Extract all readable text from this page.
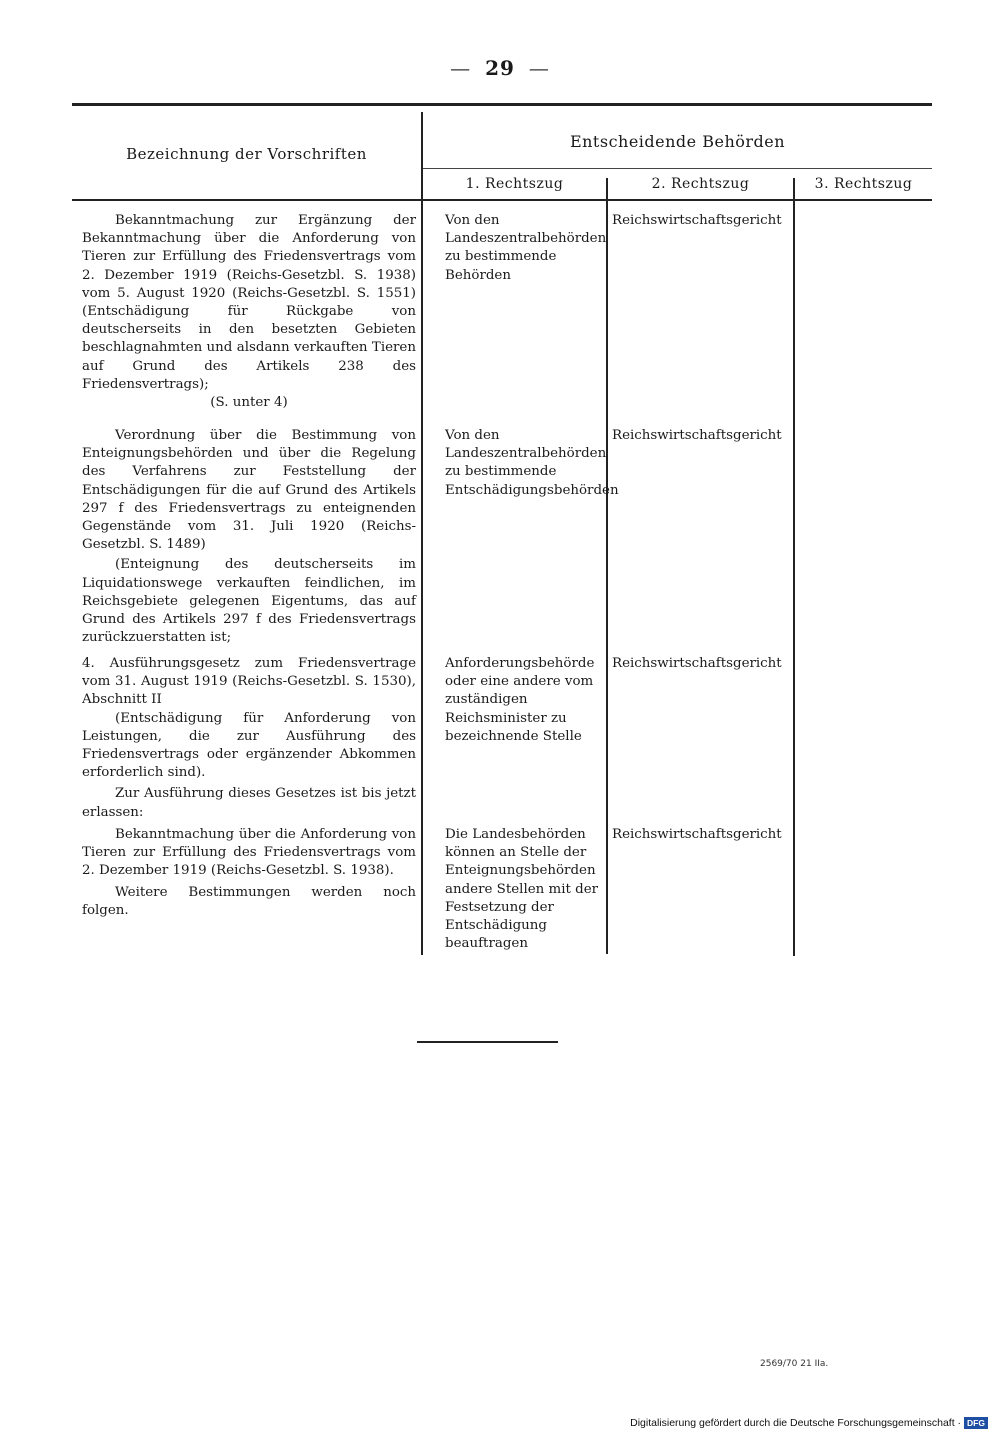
— 29 —
Bezeichnung der Vorschriften
Entscheidende Behörden
1. Rechtszug	2. Rechtszug	3. Rechtszug

Bekanntmachung zur Ergänzung der Bekanntmachung über die Anforderung von Tieren zur Erfüllung des Friedensvertrags vom 2. Dezember 1919 (Reichs-Gesetzbl. S. 1938) vom 5. August 1920 (Reichs-Gesetzbl. S. 1551) (Entschädigung für Rückgabe von deutscherseits in den besetzten Gebieten beschlagnahmten und alsdann verkauften Tieren auf Grund des Artikels 238 des Friedensvertrags);

(S. unter 4)

Von den Landeszentralbehörden zu bestimmende Behörden

Reichswirtschaftsgericht

Verordnung über die Bestimmung von Enteignungsbehörden und über die Regelung des Verfahrens zur Feststellung der Entschädigungen für die auf Grund des Artikels 297 f des Friedensvertrags zu enteignenden Gegenstände vom 31. Juli 1920 (Reichs-Gesetzbl. S. 1489)

(Enteignung des deutscherseits im Liquidationswege verkauften feindlichen, im Reichsgebiete gelegenen Eigentums, das auf Grund des Artikels 297 f des Friedensvertrags zurückzuerstatten ist;

Von den Landeszentralbehörden zu bestimmende Entschädigungsbehörden

Reichswirtschaftsgericht

4. Ausführungsgesetz zum Friedensvertrage vom 31. August 1919 (Reichs-Gesetzbl. S. 1530), Abschnitt II

(Entschädigung für Anforderung von Leistungen, die zur Ausführung des Friedensvertrags oder ergänzender Abkommen erforderlich sind).

Zur Ausführung dieses Gesetzes ist bis jetzt erlassen:

Anforderungsbehörde oder eine andere vom zuständigen Reichsminister zu bezeichnende Stelle

Reichswirtschaftsgericht

Bekanntmachung über die Anforderung von Tieren zur Erfüllung des Friedensvertrags vom 2. Dezember 1919 (Reichs-Gesetzbl. S. 1938).

Weitere Bestimmungen werden noch folgen.

Die Landesbehörden können an Stelle der Enteignungsbehörden andere Stellen mit der Festsetzung der Entschädigung beauftragen

Reichswirtschaftsgericht

2569/70 21 IIa.
Digitalisierung gefördert durch die Deutsche Forschungsgemeinschaft · DFG
